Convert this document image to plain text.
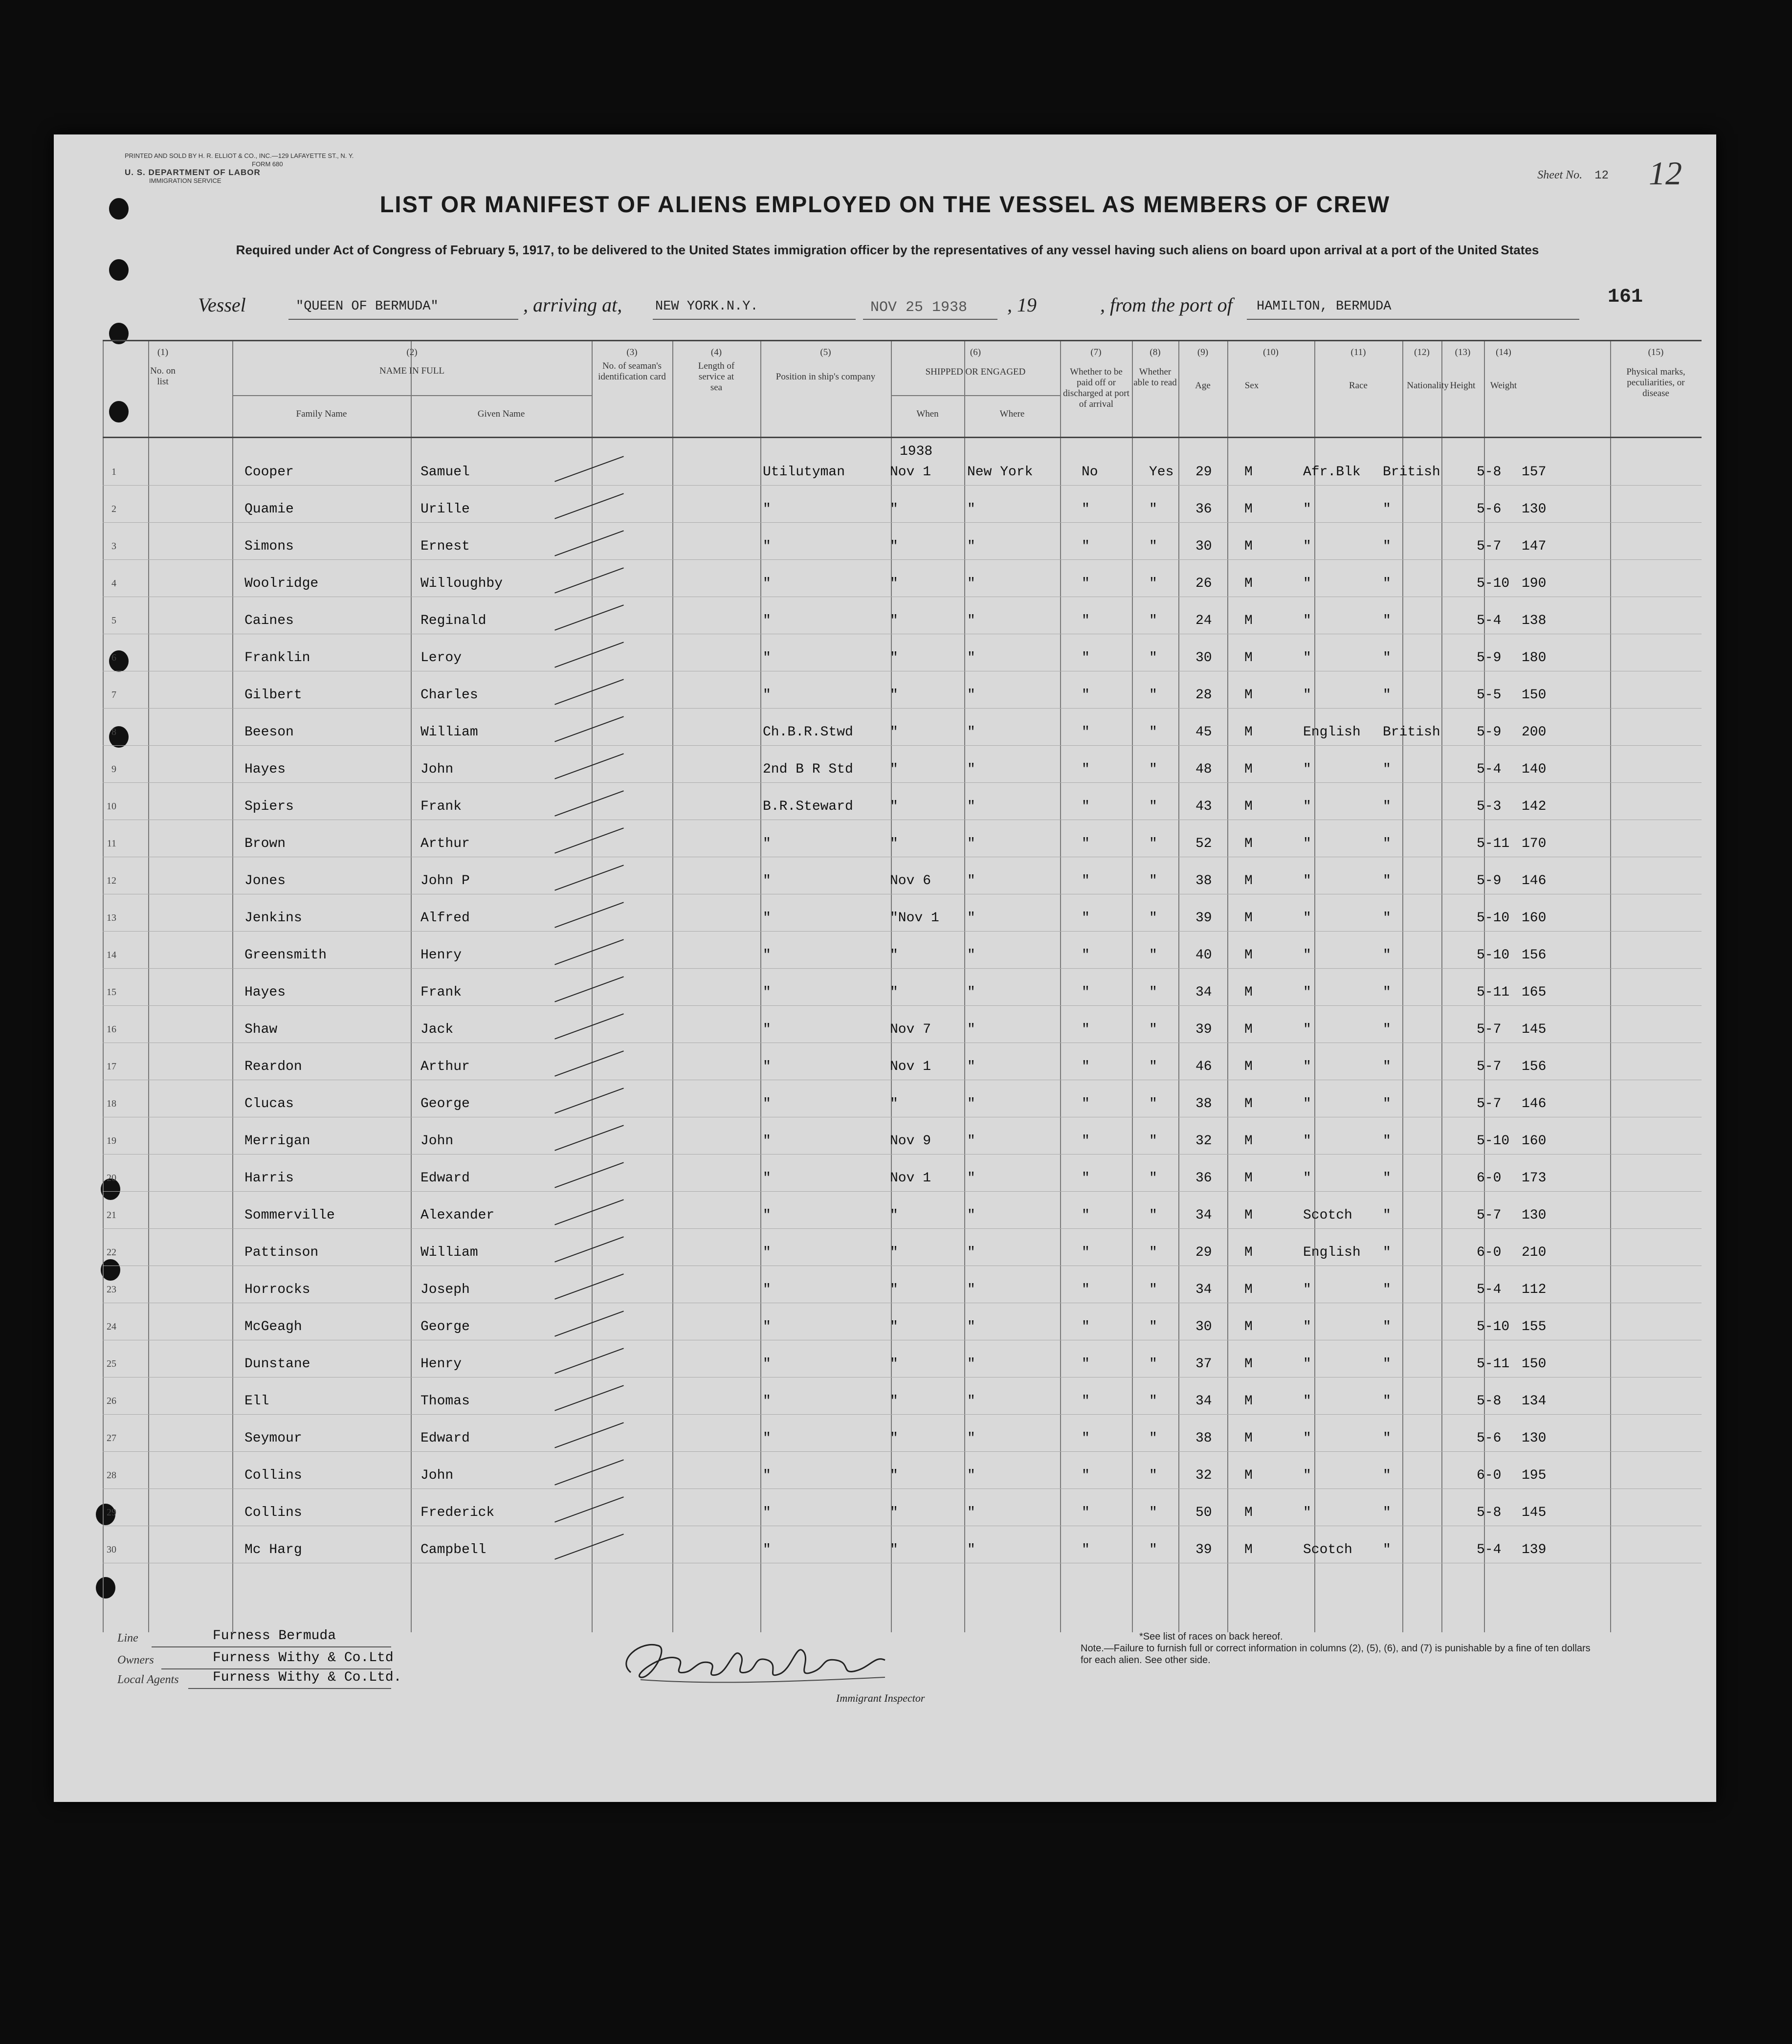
PRINTED AND SOLD BY H. R. ELLIOT & CO., INC.—129 LAFAYETTE ST., N. Y.
FORM 680
U. S. DEPARTMENT OF LABOR
IMMIGRATION SERVICE	Sheet No. 12 12
LIST OR MANIFEST OF ALIENS EMPLOYED ON THE VESSEL AS MEMBERS OF CREW
Required under Act of Congress of February 5, 1917, to be delivered to the United States immigration officer by the representatives of any vessel having such aliens on board upon arrival at a port of the United States
Vessel	"QUEEN OF BERMUDA"	, arriving at,	NEW YORK.N.Y.	NOV 25 1938 , 19	, from the port of HAMILTON, BERMUDA	161
(1)
No. on list
(2)
NAME IN FULL
Family Name	Given Name
(3)
No. of seaman's identification card
(4)
Length of service at sea
(5)
Position in ship's company
(6)
SHIPPED OR ENGAGED
When	Where
(7)
Whether to be paid off or discharged at port of arrival
(8)
Whether able to read
(9)
Age
(10)
Sex
(11)
Race
(12)
Nationality
(13)
Height
(14)
Weight
(15)
Physical marks, peculiarities, or disease
1938
1	Cooper	Samuel	Utilutyman	Nov 1	New York	No	Yes 29 M	Afr.Blk British	5-8 157
2	Quamie	Urille	"	"	"	"	"	36 M	"	"	5-6 130
3	Simons	Ernest	"	"	"	"	"	30 M	"	"	5-7 147
4	Woolridge	Willoughby	"	"	"	"	"	26 M	"	"	5-10 190
5	Caines	Reginald	"	"	"	"	"	24 M	"	"	5-4 138
6	Franklin	Leroy	"	"	"	"	"	30 M	"	"	5-9 180
7	Gilbert	Charles	"	"	"	"	"	28 M	"	"	5-5 150
8	Beeson	William	Ch.B.R.Stwd	"	"	"	"	45 M	English British	5-9 200
9	Hayes	John	2nd B R Std	"	"	"	"	48 M	"	"	5-4 140
10	Spiers	Frank	B.R.Steward	"	"	"	"	43 M	"	"	5-3 142
11	Brown	Arthur	"	"	"	"	"	52 M	"	"	5-11 170
12	Jones	John P	"	Nov 6	"	"	"	38 M	"	"	5-9 146
13	Jenkins	Alfred	"	"Nov 1 "	"	"	39 M	"	"	5-10 160
14	Greensmith	Henry	"	"	"	"	"	40 M	"	"	5-10 156
15	Hayes	Frank	"	"	"	"	"	34 M	"	"	5-11 165
16	Shaw	Jack	"	Nov 7	"	"	"	39 M	"	"	5-7 145
17	Reardon	Arthur	"	Nov 1	"	"	"	46 M	"	"	5-7 156
18	Clucas	George	"	"	"	"	"	38 M	"	"	5-7 146
19	Merrigan	John	"	Nov 9	"	"	"	32 M	"	"	5-10 160
20	Harris	Edward	"	Nov 1	"	"	"	36 M	"	"	6-0 173
21	Sommerville	Alexander	"	"	"	"	"	34 M	Scotch "	5-7 130
22	Pattinson	William	"	"	"	"	"	29 M	English "	6-0 210
23	Horrocks	Joseph	"	"	"	"	"	34 M	"	"	5-4 112
24	McGeagh	George	"	"	"	"	"	30 M	"	"	5-10 155
25	Dunstane	Henry	"	"	"	"	"	37 M	"	"	5-11 150
26	Ell	Thomas	"	"	"	"	"	34 M	"	"	5-8 134
27	Seymour	Edward	"	"	"	"	"	38 M	"	"	5-6 130
28	Collins	John	"	"	"	"	"	32 M	"	"	6-0 195
29	Collins	Frederick	"	"	"	"	"	50 M	"	"	5-8 145
30	Mc Harg	Campbell	"	"	"	"	"	39 M	Scotch "	5-4 139
Line	Furness Bermuda
Owners	Furness Withy & Co.Ltd
Local Agents Furness Withy & Co.Ltd.
Immigrant Inspector
*See list of races on back hereof.
Note.—Failure to furnish full or correct information in columns (2), (5), (6), and (7) is punishable by a fine of ten dollars for each alien. See other side.
